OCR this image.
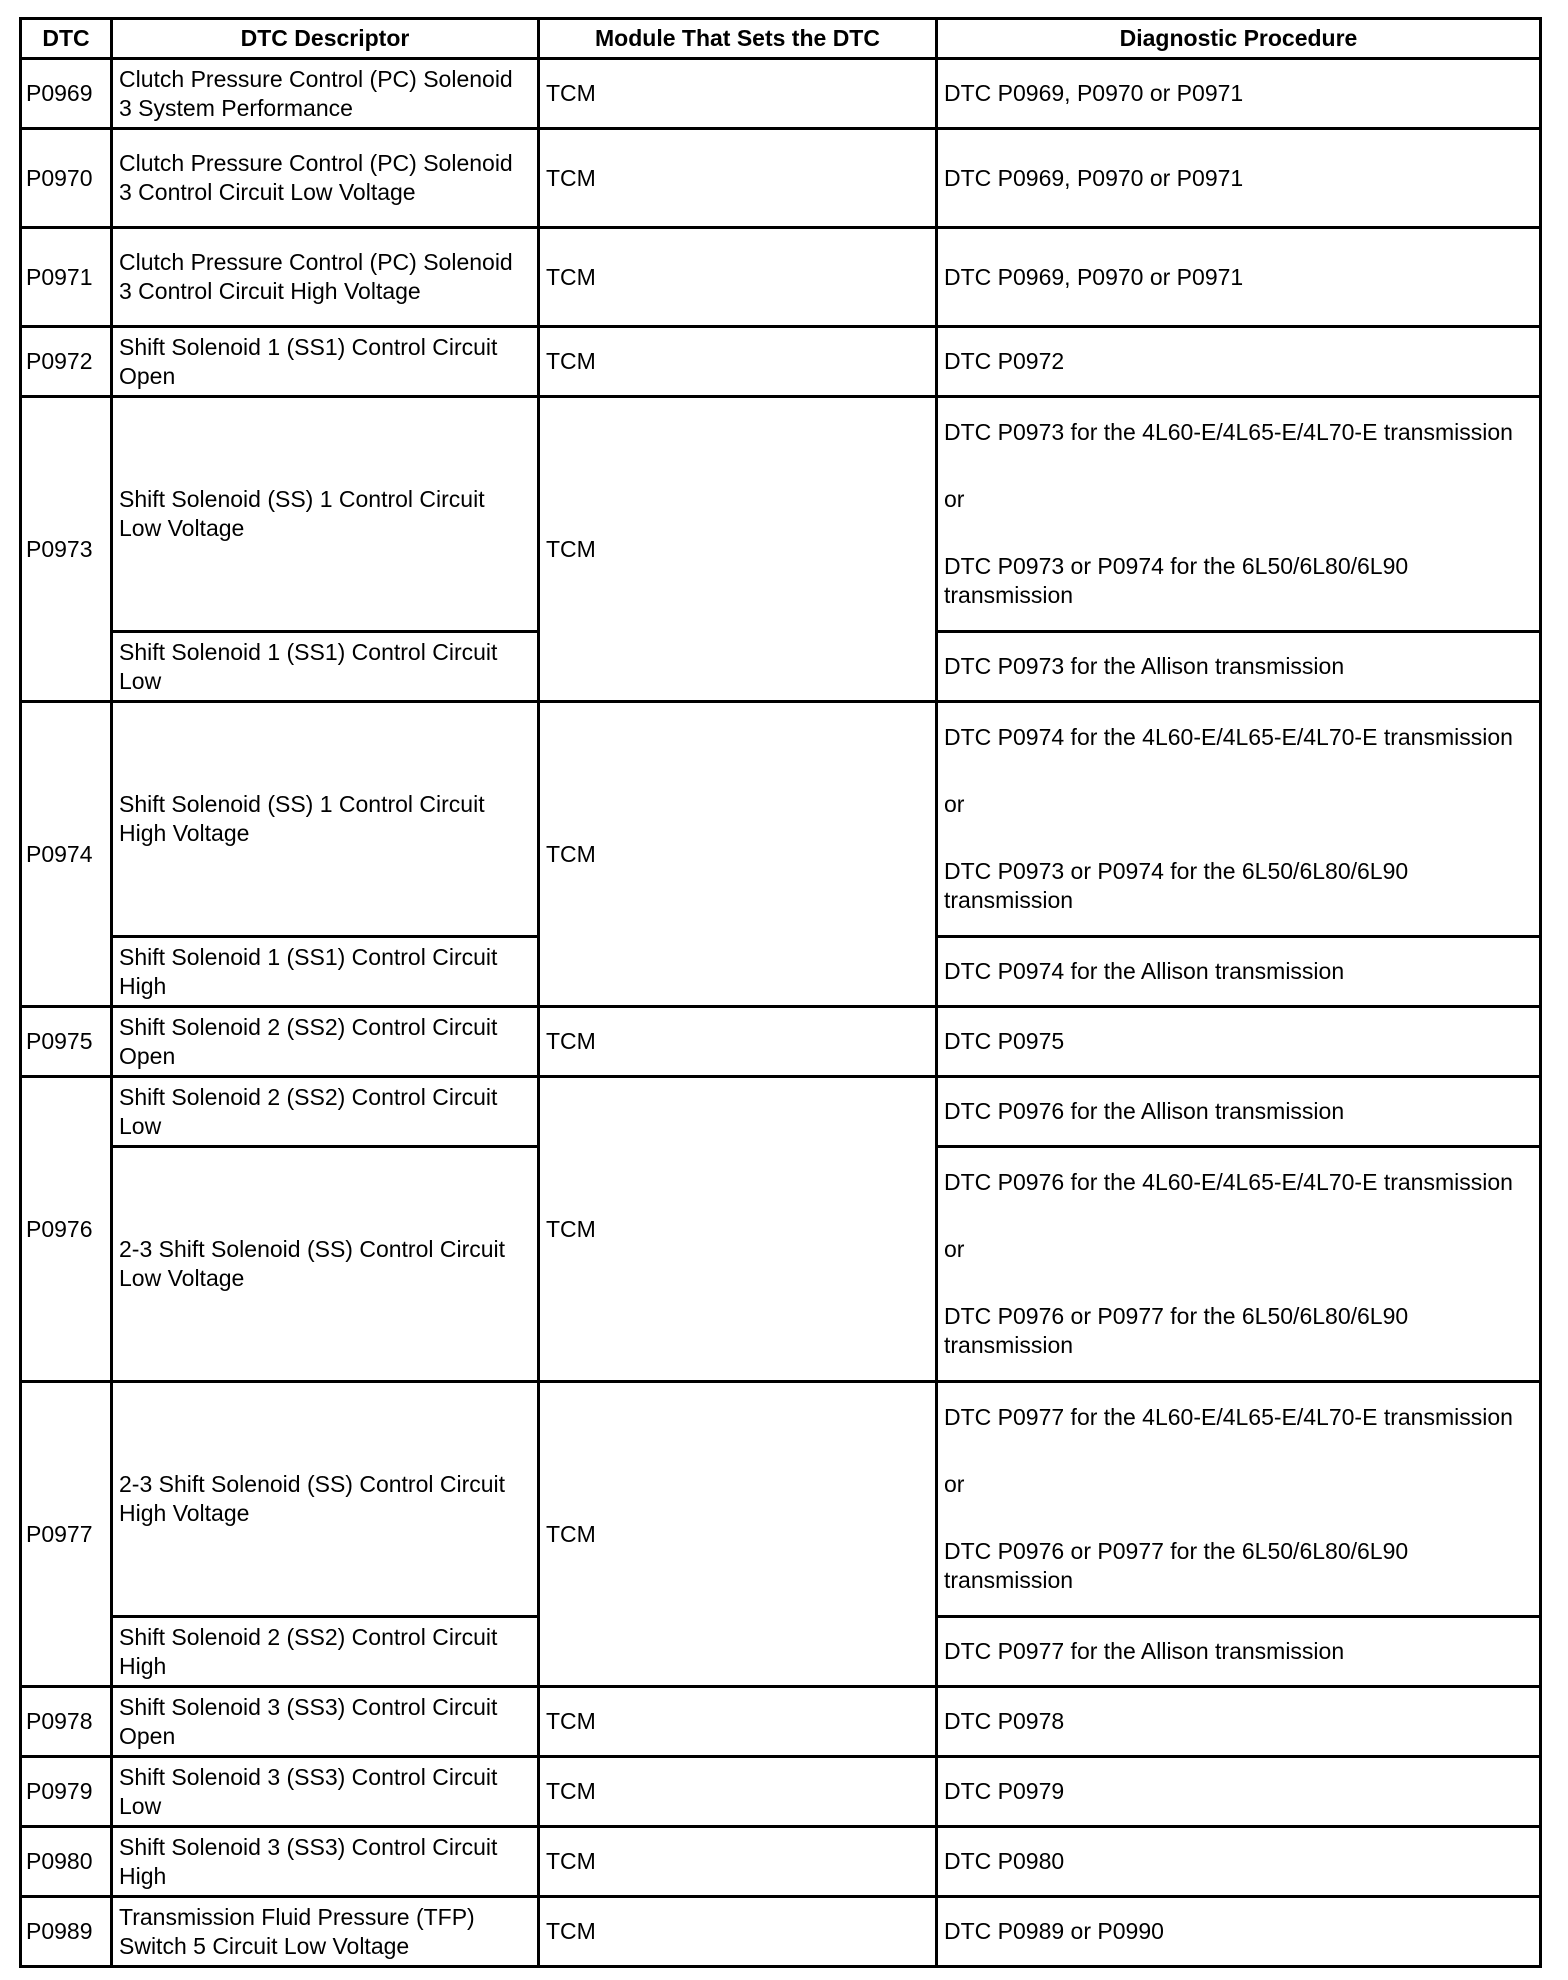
DTC	DTC Descriptor	Module That Sets the DTC	Diagnostic Procedure
P0969	Clutch Pressure Control (PC) Solenoid 3 System Performance	TCM	DTC P0969, P0970 or P0971
P0970	Clutch Pressure Control (PC) Solenoid 3 Control Circuit Low Voltage	TCM	DTC P0969, P0970 or P0971
P0971	Clutch Pressure Control (PC) Solenoid 3 Control Circuit High Voltage	TCM	DTC P0969, P0970 or P0971
P0972	Shift Solenoid 1 (SS1) Control Circuit Open	TCM	DTC P0972
P0973	Shift Solenoid (SS) 1 Control Circuit Low Voltage	TCM	DTC P0973 for the 4L60-E/4L65-E/4L70-E transmission
or
DTC P0973 or P0974 for the 6L50/6L80/6L90 transmission

	Shift Solenoid 1 (SS1) Control Circuit Low		DTC P0973 for the Allison transmission
P0974	Shift Solenoid (SS) 1 Control Circuit High Voltage	TCM	DTC P0974 for the 4L60-E/4L65-E/4L70-E transmission
or
DTC P0973 or P0974 for the 6L50/6L80/6L90 transmission

	Shift Solenoid 1 (SS1) Control Circuit High		DTC P0974 for the Allison transmission
P0975	Shift Solenoid 2 (SS2) Control Circuit Open	TCM	DTC P0975
P0976	Shift Solenoid 2 (SS2) Control Circuit Low	TCM	DTC P0976 for the Allison transmission
	2-3 Shift Solenoid (SS) Control Circuit Low Voltage		DTC P0976 for the 4L60-E/4L65-E/4L70-E transmission
or
DTC P0976 or P0977 for the 6L50/6L80/6L90 transmission

P0977	2-3 Shift Solenoid (SS) Control Circuit High Voltage	TCM	DTC P0977 for the 4L60-E/4L65-E/4L70-E transmission
or
DTC P0976 or P0977 for the 6L50/6L80/6L90 transmission

	Shift Solenoid 2 (SS2) Control Circuit High		DTC P0977 for the Allison transmission
P0978	Shift Solenoid 3 (SS3) Control Circuit Open	TCM	DTC P0978
P0979	Shift Solenoid 3 (SS3) Control Circuit Low	TCM	DTC P0979
P0980	Shift Solenoid 3 (SS3) Control Circuit High	TCM	DTC P0980
P0989	Transmission Fluid Pressure (TFP) Switch 5 Circuit Low Voltage	TCM	DTC P0989 or P0990
